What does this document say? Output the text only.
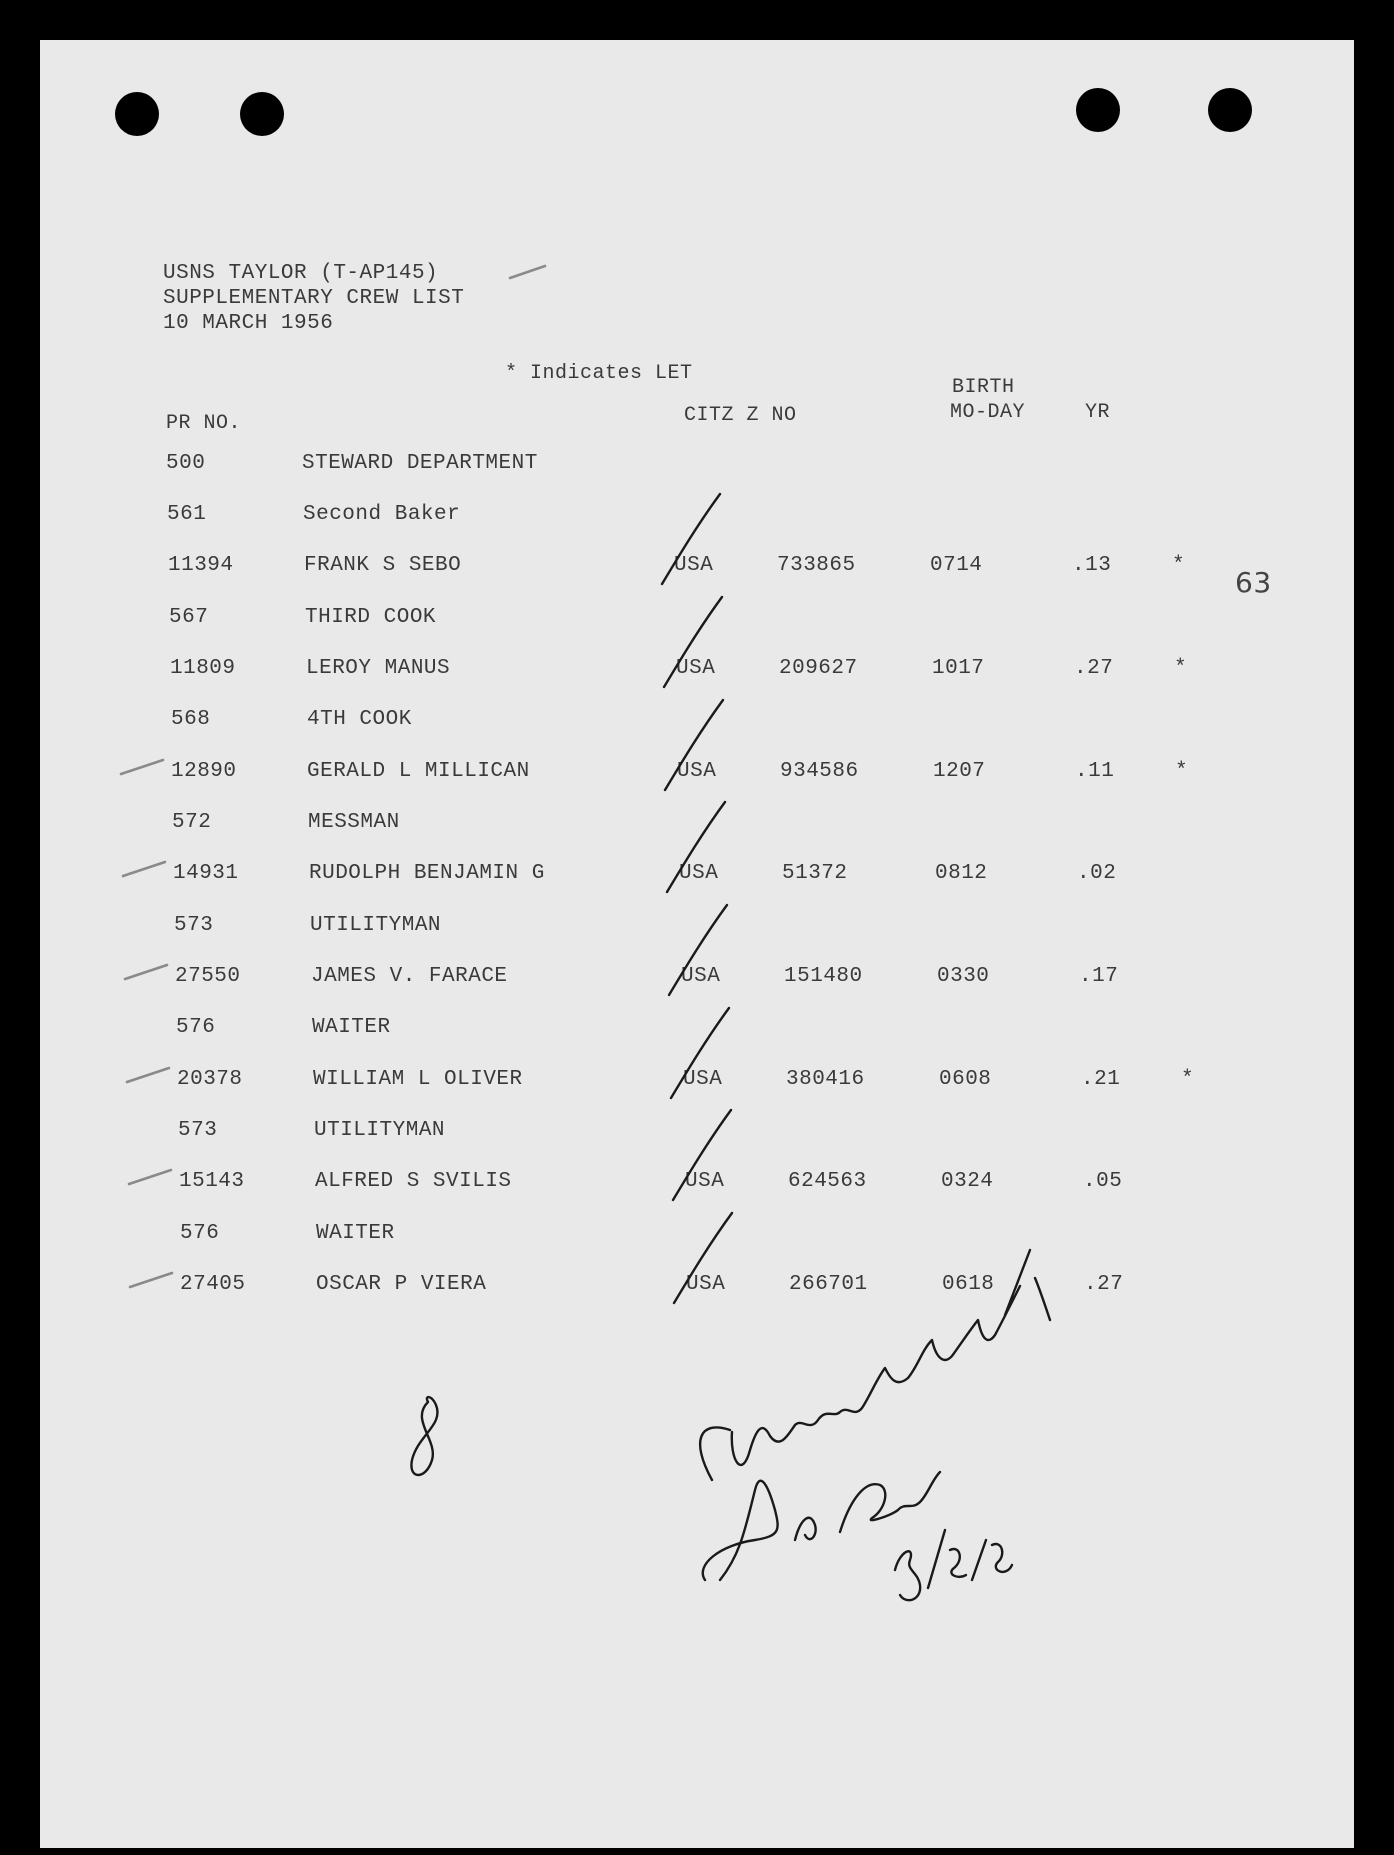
USNS TAYLOR (T-AP145)
SUPPLEMENTARY CREW LIST
10 MARCH 1956
* Indicates LET
PR NO.	CITZ Z NO
BIRTH
MO-DAY	YR
63
500	STEWARD DEPARTMENT
561	Second Baker
11394	FRANK S SEBO	USA	733865	0714	.13	*
567	THIRD COOK
11809	LEROY MANUS	USA	209627	1017	.27	*
568	4TH COOK
12890	GERALD L MILLICAN	USA	934586	1207	.11	*
572	MESSMAN
14931	RUDOLPH BENJAMIN G	USA	51372	0812	.02
573	UTILITYMAN
27550	JAMES V. FARACE	USA	151480	0330	.17
576	WAITER
20378	WILLIAM L OLIVER	USA	380416	0608	.21	*
573	UTILITYMAN
15143	ALFRED S SVILIS	USA	624563	0324	.05
576	WAITER
27405	OSCAR P VIERA	USA	266701	0618	.27
